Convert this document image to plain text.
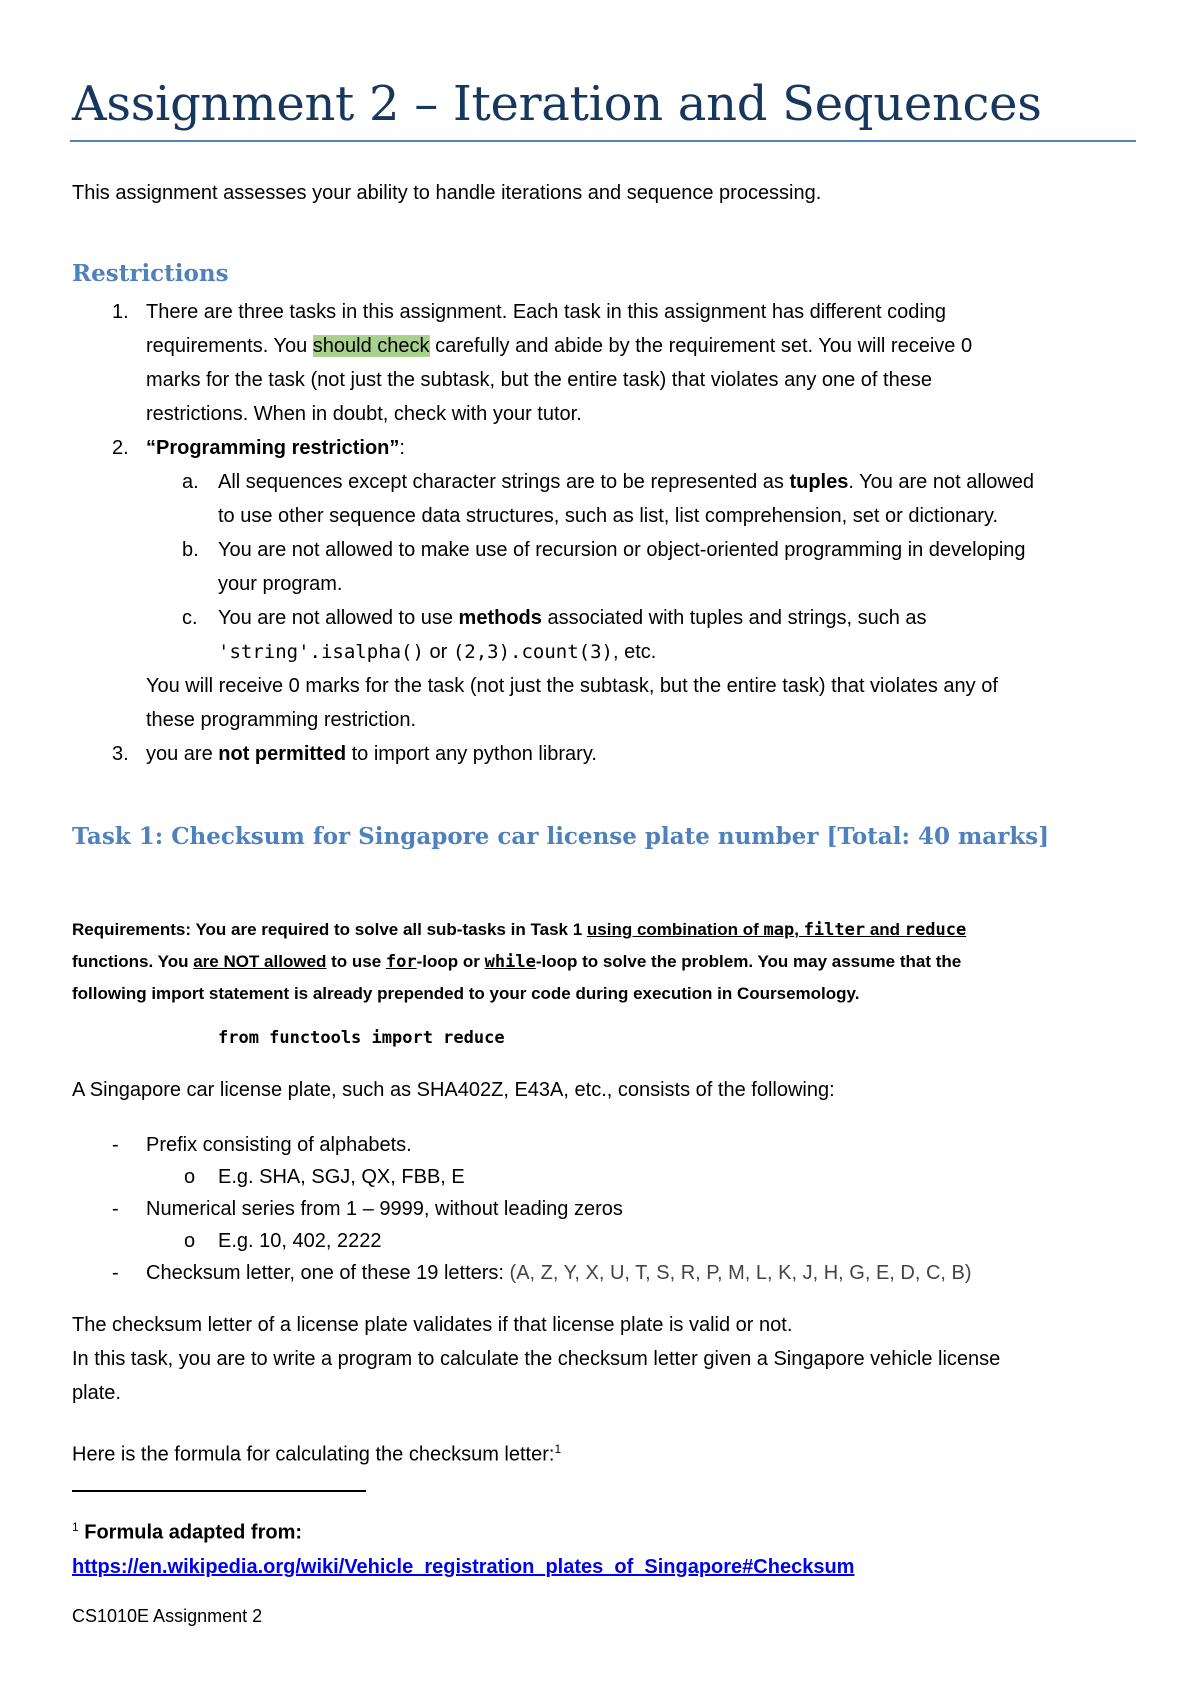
Assignment 2 – Iteration and Sequences

This assignment assesses your ability to handle iterations and sequence processing.

Restrictions
1. There are three tasks in this assignment. Each task in this assignment has different coding
requirements. You should check carefully and abide by the requirement set. You will receive 0
marks for the task (not just the subtask, but the entire task) that violates any one of these
restrictions. When in doubt, check with your tutor.
2. “Programming restriction”:
a. All sequences except character strings are to be represented as tuples. You are not allowed
to use other sequence data structures, such as list, list comprehension, set or dictionary.
b. You are not allowed to make use of recursion or object-oriented programming in developing
your program.
c.	You are not allowed to use methods associated with tuples and strings, such as
'string'.isalpha() or (2,3).count(3), etc.
You will receive 0 marks for the task (not just the subtask, but the entire task) that violates any of
these programming restriction.
3. you are not permitted to import any python library.
Task 1: Checksum for Singapore car license plate number [Total: 40 marks]
Requirements: You are required to solve all sub-tasks in Task 1 using combination of map, filter and reduce
functions. You are NOT allowed to use for-loop or while-loop to solve the problem. You may assume that the
following import statement is already prepended to your code during execution in Coursemology.
from functools import reduce
A Singapore car license plate, such as SHA402Z, E43A, etc., consists of the following:
- Prefix consisting of alphabets.
o E.g. SHA, SGJ, QX, FBB, E
- Numerical series from 1 – 9999, without leading zeros
o E.g. 10, 402, 2222
- Checksum letter, one of these 19 letters: (A, Z, Y, X, U, T, S, R, P, M, L, K, J, H, G, E, D, C, B)

The checksum letter of a license plate validates if that license plate is valid or not.

In this task, you are to write a program to calculate the checksum letter given a Singapore vehicle license

plate.

Here is the formula for calculating the checksum letter:$^1$

$^1$ Formula adapted from:
https://en.wikipedia.org/wiki/Vehicle_registration_plates_of_Singapore#Checksum
CS1010E Assignment 2
